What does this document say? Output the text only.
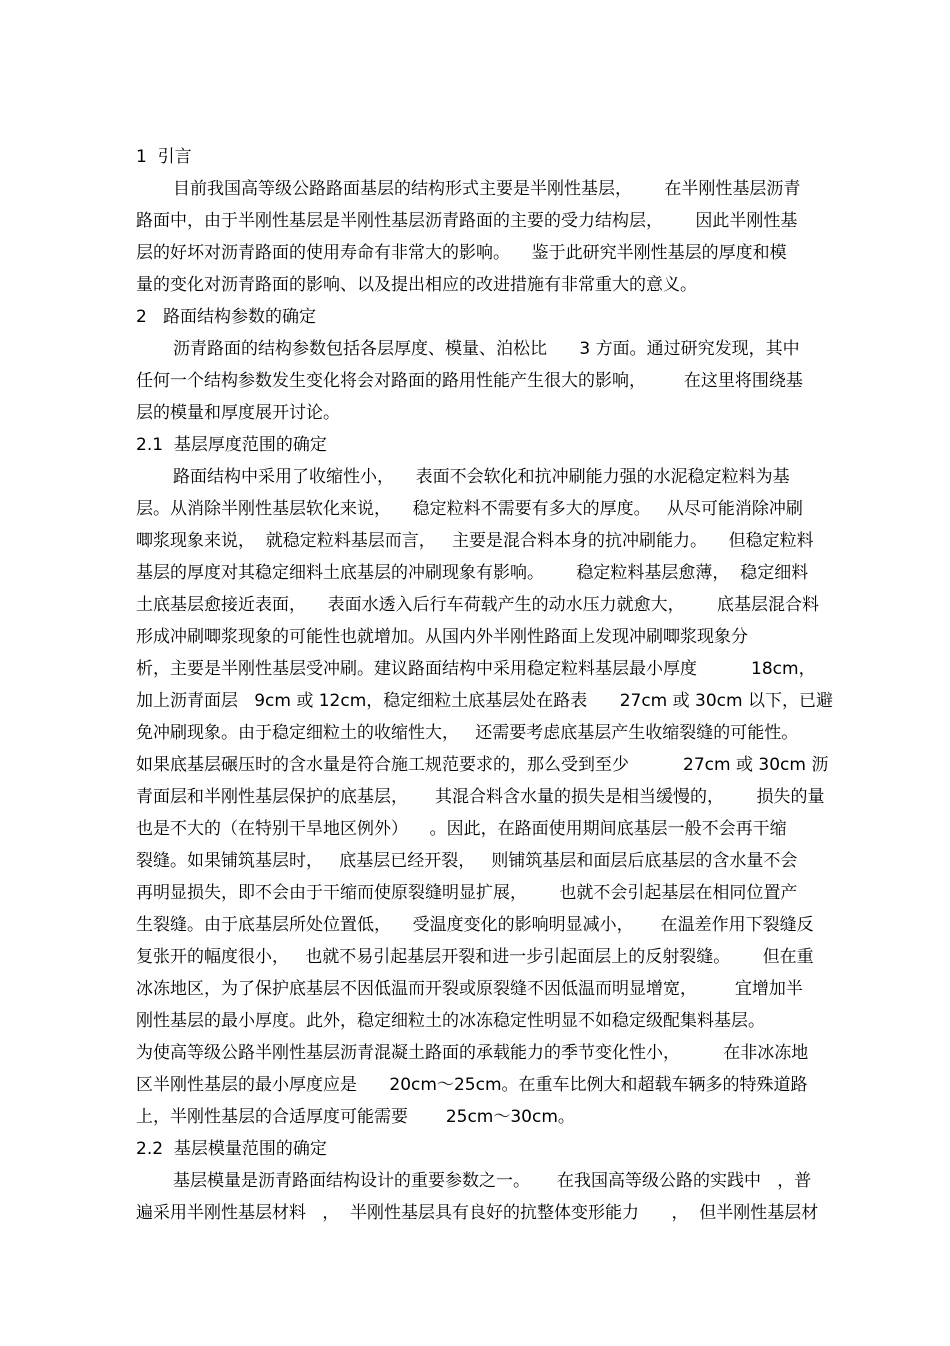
1  引言
目前我国高等级公路路面基层的结构形式主要是半刚性基层，      在半刚性基层沥青
路面中，由于半刚性基层是半刚性基层沥青路面的主要的受力结构层，      因此半刚性基
层的好坏对沥青路面的使用寿命有非常大的影响。    鉴于此研究半刚性基层的厚度和模
量的变化对沥青路面的影响、以及提出相应的改进措施有非常重大的意义。
2   路面结构参数的确定
沥青路面的结构参数包括各层厚度、模量、泊松比      3 方面。通过研究发现，其中
任何一个结构参数发生变化将会对路面的路用性能产生很大的影响，       在这里将围绕基
层的模量和厚度展开讨论。
2.1  基层厚度范围的确定
路面结构中采用了收缩性小，    表面不会软化和抗冲刷能力强的水泥稳定粒料为基
层。从消除半刚性基层软化来说，    稳定粒料不需要有多大的厚度。   从尽可能消除冲刷
唧浆现象来说，  就稳定粒料基层而言，   主要是混合料本身的抗冲刷能力。    但稳定粒料
基层的厚度对其稳定细料土底基层的冲刷现象有影响。      稳定粒料基层愈薄，  稳定细料
土底基层愈接近表面，    表面水透入后行车荷载产生的动水压力就愈大，      底基层混合料
形成冲刷唧浆现象的可能性也就增加。从国内外半刚性路面上发现冲刷唧浆现象分
析，主要是半刚性基层受冲刷。建议路面结构中采用稳定粒料基层最小厚度          18cm，
加上沥青面层   9cm 或 12cm，稳定细粒土底基层处在路表      27cm 或 30cm 以下，已避
免冲刷现象。由于稳定细粒土的收缩性大，   还需要考虑底基层产生收缩裂缝的可能性。
如果底基层碾压时的含水量是符合施工规范要求的，那么受到至少          27cm 或 30cm 沥
青面层和半刚性基层保护的底基层，     其混合料含水量的损失是相当缓慢的，      损失的量
也是不大的（在特别干旱地区例外）    。因此，在路面使用期间底基层一般不会再干缩
裂缝。如果铺筑基层时，   底基层已经开裂，   则铺筑基层和面层后底基层的含水量不会
再明显损失，即不会由于干缩而使原裂缝明显扩展，      也就不会引起基层在相同位置产
生裂缝。由于底基层所处位置低，    受温度变化的影响明显减小，     在温差作用下裂缝反
复张开的幅度很小，   也就不易引起基层开裂和进一步引起面层上的反射裂缝。      但在重
冰冻地区，为了保护底基层不因低温而开裂或原裂缝不因低温而明显增宽，       宜增加半
刚性基层的最小厚度。此外，稳定细粒土的冰冻稳定性明显不如稳定级配集料基层。
为使高等级公路半刚性基层沥青混凝土路面的承载能力的季节变化性小，        在非冰冻地
区半刚性基层的最小厚度应是      20cm～25cm。在重车比例大和超载车辆多的特殊道路
上，半刚性基层的合适厚度可能需要       25cm～30cm。
2.2  基层模量范围的确定
基层模量是沥青路面结构设计的重要参数之一。     在我国高等级公路的实践中   ，普
遍采用半刚性基层材料   ，  半刚性基层具有良好的抗整体变形能力      ，  但半刚性基层材
